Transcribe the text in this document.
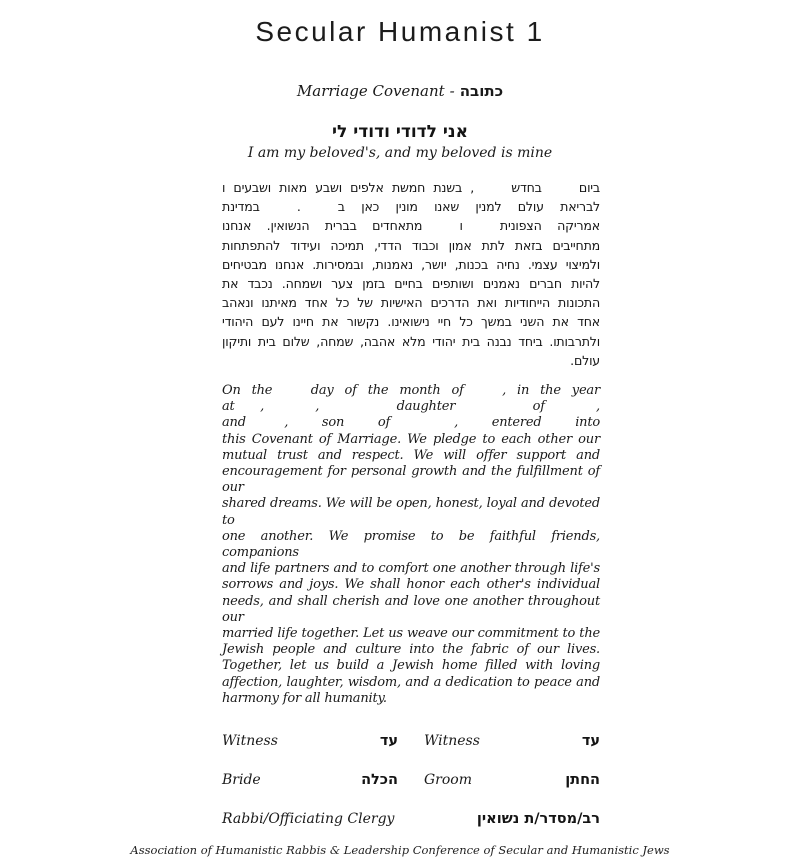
Secular Humanist 1
Marriage Covenant - כתובה
אני לדודי ודודי לי
I am my beloved's, and my beloved is mine
ביום   בחדש   , בשנת חמשת אלפים ושבע מאות ושבעים ו
לבריאת עולם למנין שאנו מונין כאן ב   .   במדינת
אמריקה הצפונית   ו   מתאחדים בברית הנשואין. אנחנו
מתחייבים בזאת לתת אמון וכבוד הדדי, תמיכה ועידוד להתפתחות
ולמיצוי עצמי. נחיה בכנות, יושר, נאמנות, ובמסירות. אנחנו מבטיחים
להיות חברים נאמנים ושותפים בחיים בזמן צער ושמחה. נכבד את
התכונות הייחודיות ואת הדרכים האישיות של כל אחד מאיתנו ונאהב
אחד את השני במשך כל חיי נישואינו. נקשור את חיינו לעם היהודי
ולתרבותו. ביחד נבנה בית יהודי מלא אהבה, שמחה, שלום בית ותיקון
עולם.
On the   day of the month of   , in the year
at  ,    , daughter of    ,
and   , son of     , entered into
this Covenant of Marriage. We pledge to each other our
mutual trust and respect. We will offer support and
encouragement for personal growth and the fulfillment of our
shared dreams. We will be open, honest, loyal and devoted to
one another. We promise to be faithful friends, companions
and life partners and to comfort one another through life's
sorrows and joys. We shall honor each other's individual
needs, and shall cherish and love one another throughout our
married life together. Let us weave our commitment to the
Jewish people and culture into the fabric of our lives.
Together, let us build a Jewish home filled with loving
affection, laughter, wisdom, and a dedication to peace and
harmony for all humanity.
Witness	עד Witness	עד
Bride	הכלה Groom	החתן
Rabbi/Officiating Clergy	רב/מסדר/ת נשואין
Association of Humanistic Rabbis & Leadership Conference of Secular and Humanistic Jews
